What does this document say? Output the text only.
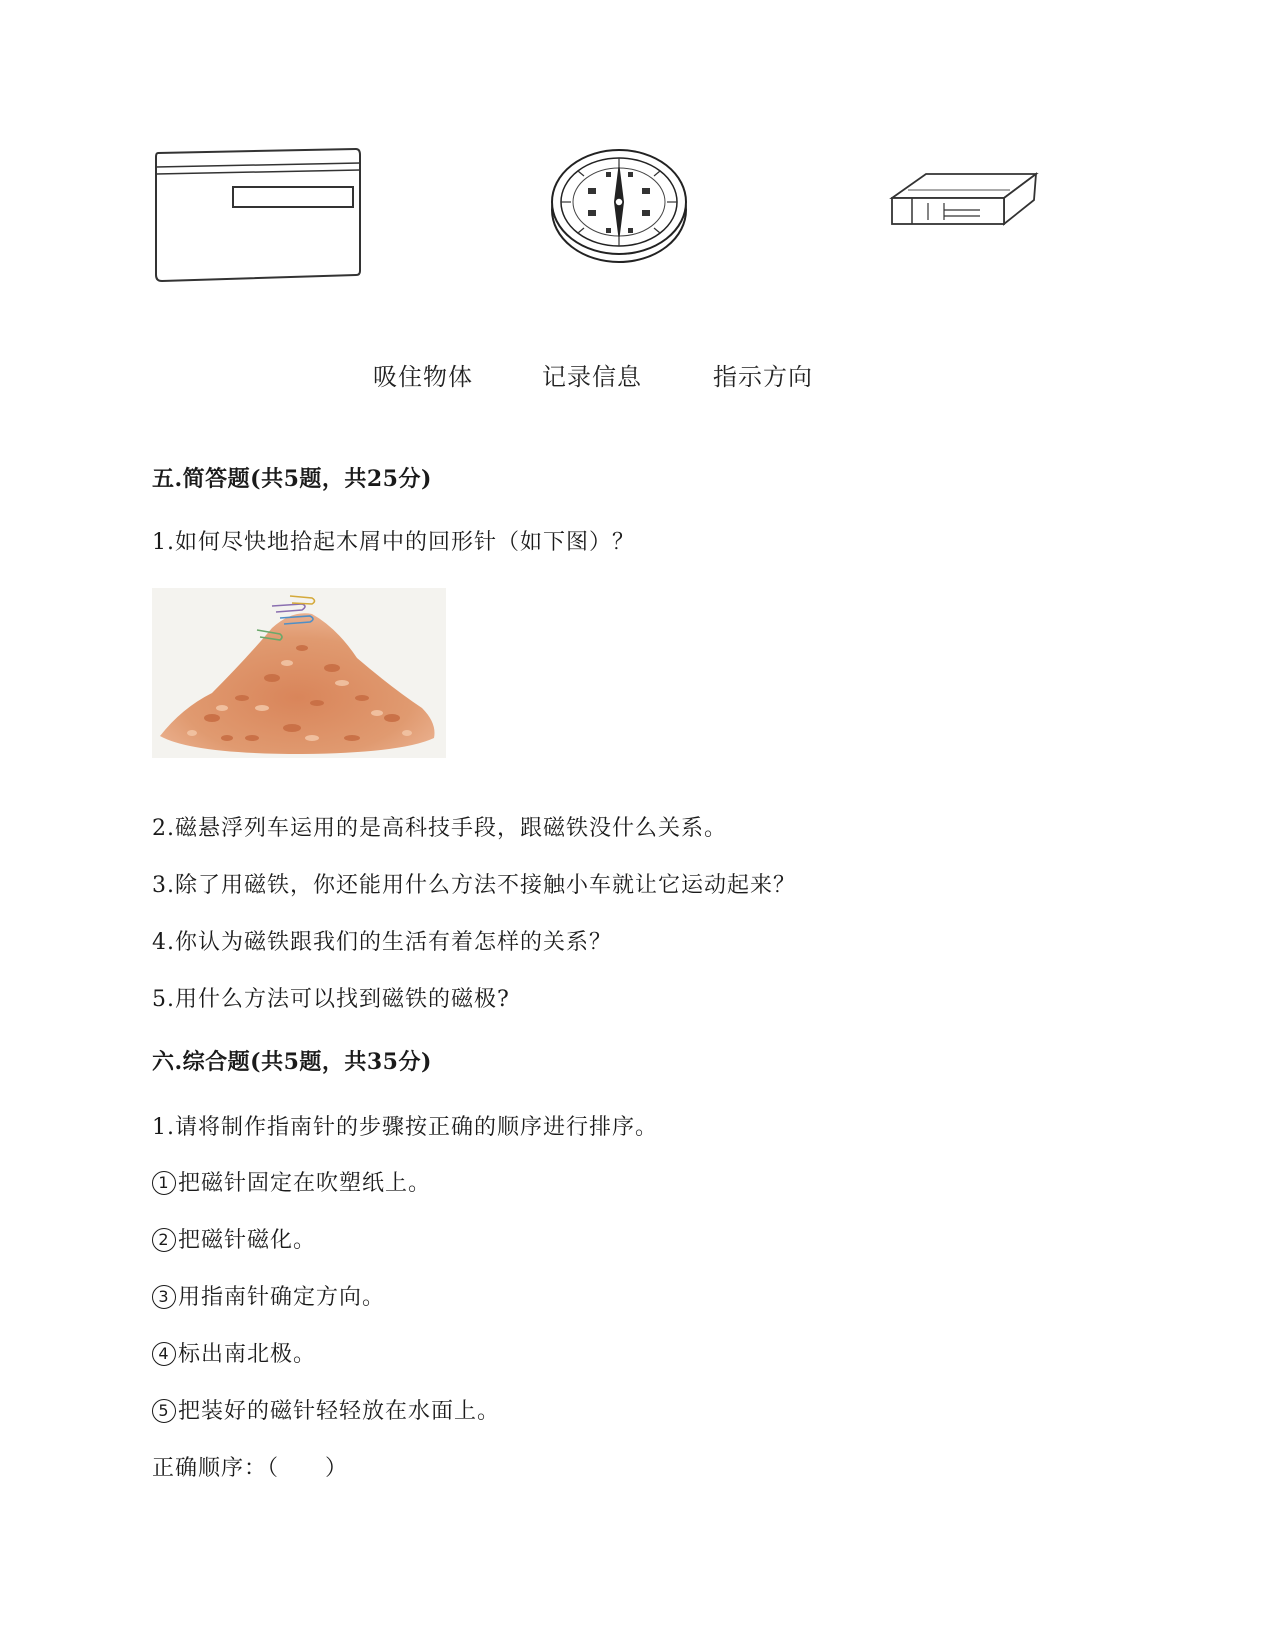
吸住物体	记录信息	指示方向
五.简答题(共5题，共25分)
1.如何尽快地拾起木屑中的回形针（如下图）？
2.磁悬浮列车运用的是高科技手段，跟磁铁没什么关系。
3.除了用磁铁，你还能用什么方法不接触小车就让它运动起来？
4.你认为磁铁跟我们的生活有着怎样的关系？
5.用什么方法可以找到磁铁的磁极?
六.综合题(共5题，共35分)
1.请将制作指南针的步骤按正确的顺序进行排序。
1 把磁针固定在吹塑纸上。
2 把磁针磁化。
3 用指南针确定方向。
4 标出南北极。
5 把装好的磁针轻轻放在水面上。
正确顺序：（　　）
